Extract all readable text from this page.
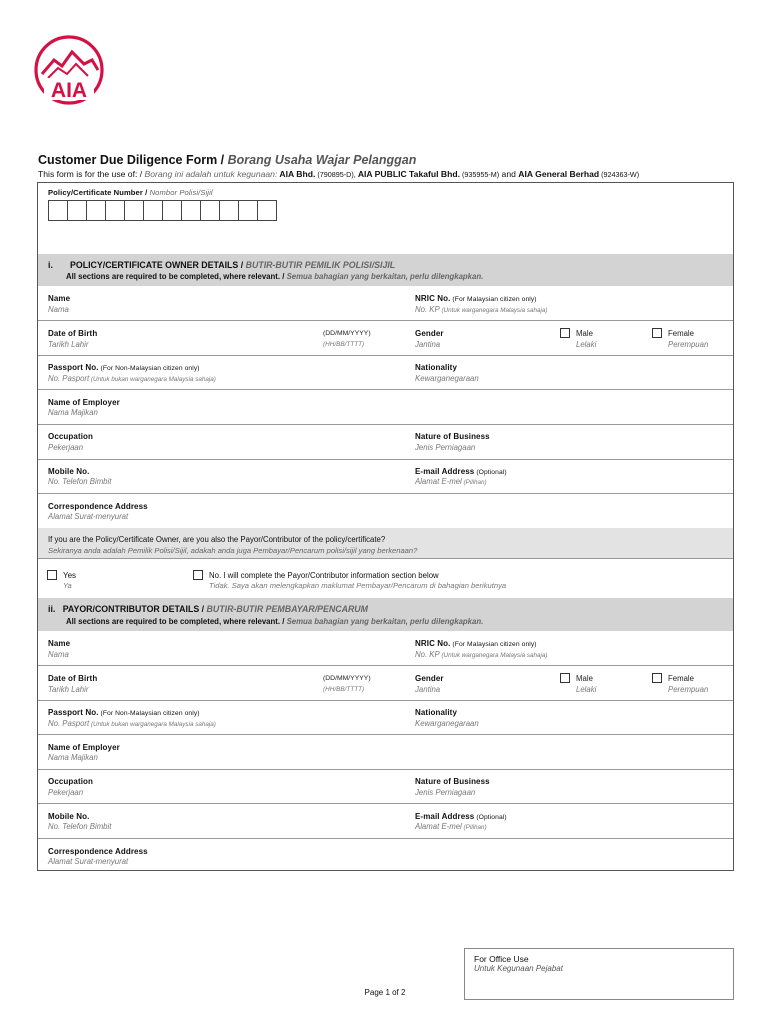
AIA
Customer Due Diligence Form / Borang Usaha Wajar Pelanggan
This form is for the use of: / Borang ini adalah untuk kegunaan: AIA Bhd. (790895-D), AIA PUBLIC Takaful Bhd. (935955-M) and AIA General Berhad (924363-W)
Policy/Certificate Number / Nombor Polisi/Sijil
i. POLICY/CERTIFICATE OWNER DETAILS / BUTIR-BUTIR PEMILIK POLISI/SIJIL
All sections are required to be completed, where relevant. / Semua bahagian yang berkaitan, perlu dilengkapkan.
Name
Nama
NRIC No. (For Malaysian citizen only)
No. KP (Untuk warganegara Malaysia sahaja)
Date of Birth
Tarikh Lahir
(DD/MM/YYYY)
(HH/BB/TTTT)
Gender
Jantina
Male
Lelaki
Female
Perempuan
Passport No. (For Non-Malaysian citizen only)
No. Pasport (Untuk bukan warganegara Malaysia sahaja)
Nationality
Kewarganegaraan
Name of Employer
Nama Majikan
Occupation
Pekerjaan
Nature of Business
Jenis Perniagaan
Mobile No.
No. Telefon Bimbit
E-mail Address (Optional)
Alamat E-mel (Pilihan)
Correspondence Address
Alamat Surat-menyurat
If you are the Policy/Certificate Owner, are you also the Payor/Contributor of the policy/certificate?
Sekiranya anda adalah Pemilik Polisi/Sijil, adakah anda juga Pembayar/Pencarum polisi/sijil yang berkenaan?
Yes
Ya
No. I will complete the Payor/Contributor information section below
Tidak. Saya akan melengkapkan maklumat Pembayar/Pencarum di bahagian berikutnya
ii. PAYOR/CONTRIBUTOR DETAILS / BUTIR-BUTIR PEMBAYAR/PENCARUM
All sections are required to be completed, where relevant. / Semua bahagian yang berkaitan, perlu dilengkapkan.
Name
Nama
NRIC No. (For Malaysian citizen only)
No. KP (Untuk warganegara Malaysia sahaja)
Date of Birth
Tarikh Lahir
(DD/MM/YYYY)
(HH/BB/TTTT)
Gender
Jantina
Male
Lelaki
Female
Perempuan
Passport No. (For Non-Malaysian citizen only)
No. Pasport (Untuk bukan warganegara Malaysia sahaja)
Nationality
Kewarganegaraan
Name of Employer
Nama Majikan
Occupation
Pekerjaan
Nature of Business
Jenis Perniagaan
Mobile No.
No. Telefon Bimbit
E-mail Address (Optional)
Alamat E-mel (Pilihan)
Correspondence Address
Alamat Surat-menyurat
For Office Use
Untuk Kegunaan Pejabat
Page 1 of 2
